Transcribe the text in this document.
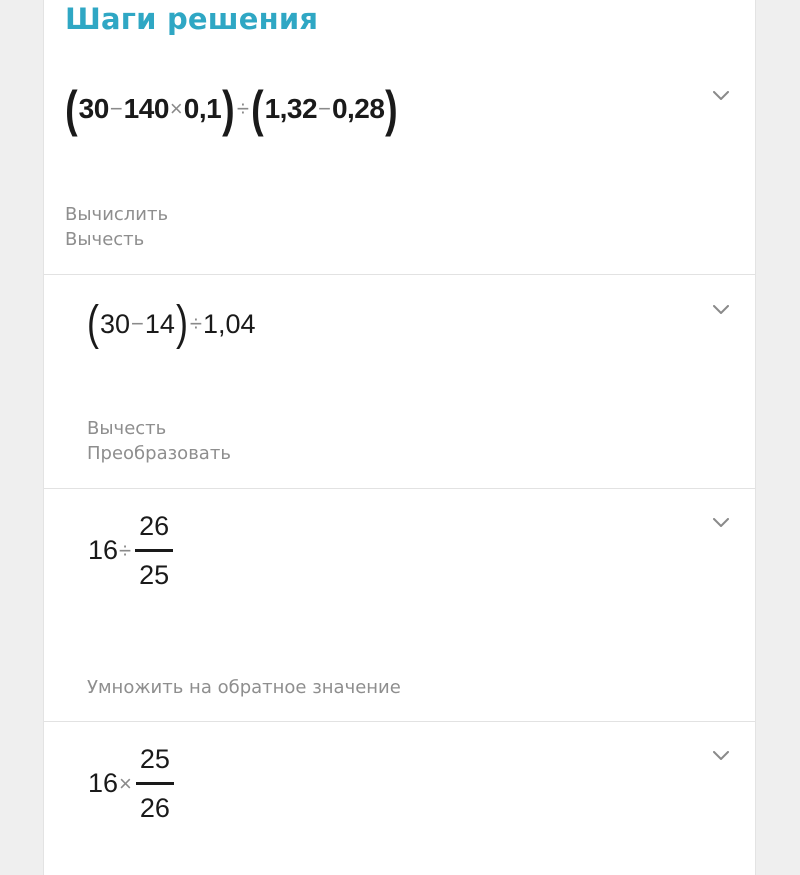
Шаги решения
( 30 − 140 × 0,1 ) ÷ ( 1,32 − 0,28 )
Вычислить
Вычесть
( 30 − 14 ) ÷ 1,04
Вычесть
Преобразовать
$16 \div \frac{26}{25}$
Умножить на обратное значение
$16 \times \frac{25}{26}$
